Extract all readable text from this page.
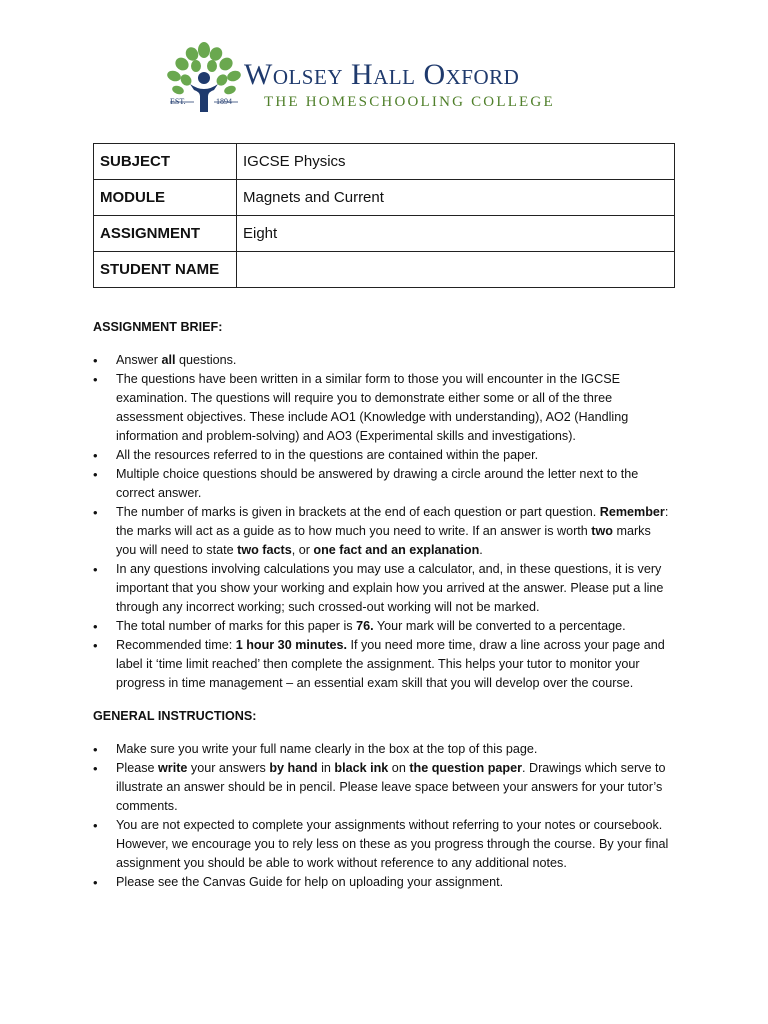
EST.	1894
Wolsey Hall Oxford
THE HOMESCHOOLING COLLEGE
SUBJECT	IGCSE Physics
MODULE	Magnets and Current
ASSIGNMENT	Eight
STUDENT NAME	
ASSIGNMENT BRIEF:
• Answer all questions.
• The questions have been written in a similar form to those you will encounter in the IGCSE examination. The questions will require you to demonstrate either some or all of the three assessment objectives. These include AO1 (Knowledge with understanding), AO2 (Handling information and problem-solving) and AO3 (Experimental skills and investigations).
• All the resources referred to in the questions are contained within the paper.
• Multiple choice questions should be answered by drawing a circle around the letter next to the correct answer.
• The number of marks is given in brackets at the end of each question or part question. Remember: the marks will act as a guide as to how much you need to write. If an answer is worth two marks you will need to state two facts, or one fact and an explanation.
• In any questions involving calculations you may use a calculator, and, in these questions, it is very important that you show your working and explain how you arrived at the answer. Please put a line through any incorrect working; such crossed-out working will not be marked.
• The total number of marks for this paper is 76. Your mark will be converted to a percentage.
• Recommended time: 1 hour 30 minutes. If you need more time, draw a line across your page and label it ‘time limit reached’ then complete the assignment. This helps your tutor to monitor your progress in time management – an essential exam skill that you will develop over the course.
GENERAL INSTRUCTIONS:
• Make sure you write your full name clearly in the box at the top of this page.
• Please write your answers by hand in black ink on the question paper. Drawings which serve to illustrate an answer should be in pencil. Please leave space between your answers for your tutor’s comments.
• You are not expected to complete your assignments without referring to your notes or coursebook. However, we encourage you to rely less on these as you progress through the course. By your final assignment you should be able to work without reference to any additional notes.
• Please see the Canvas Guide for help on uploading your assignment.
